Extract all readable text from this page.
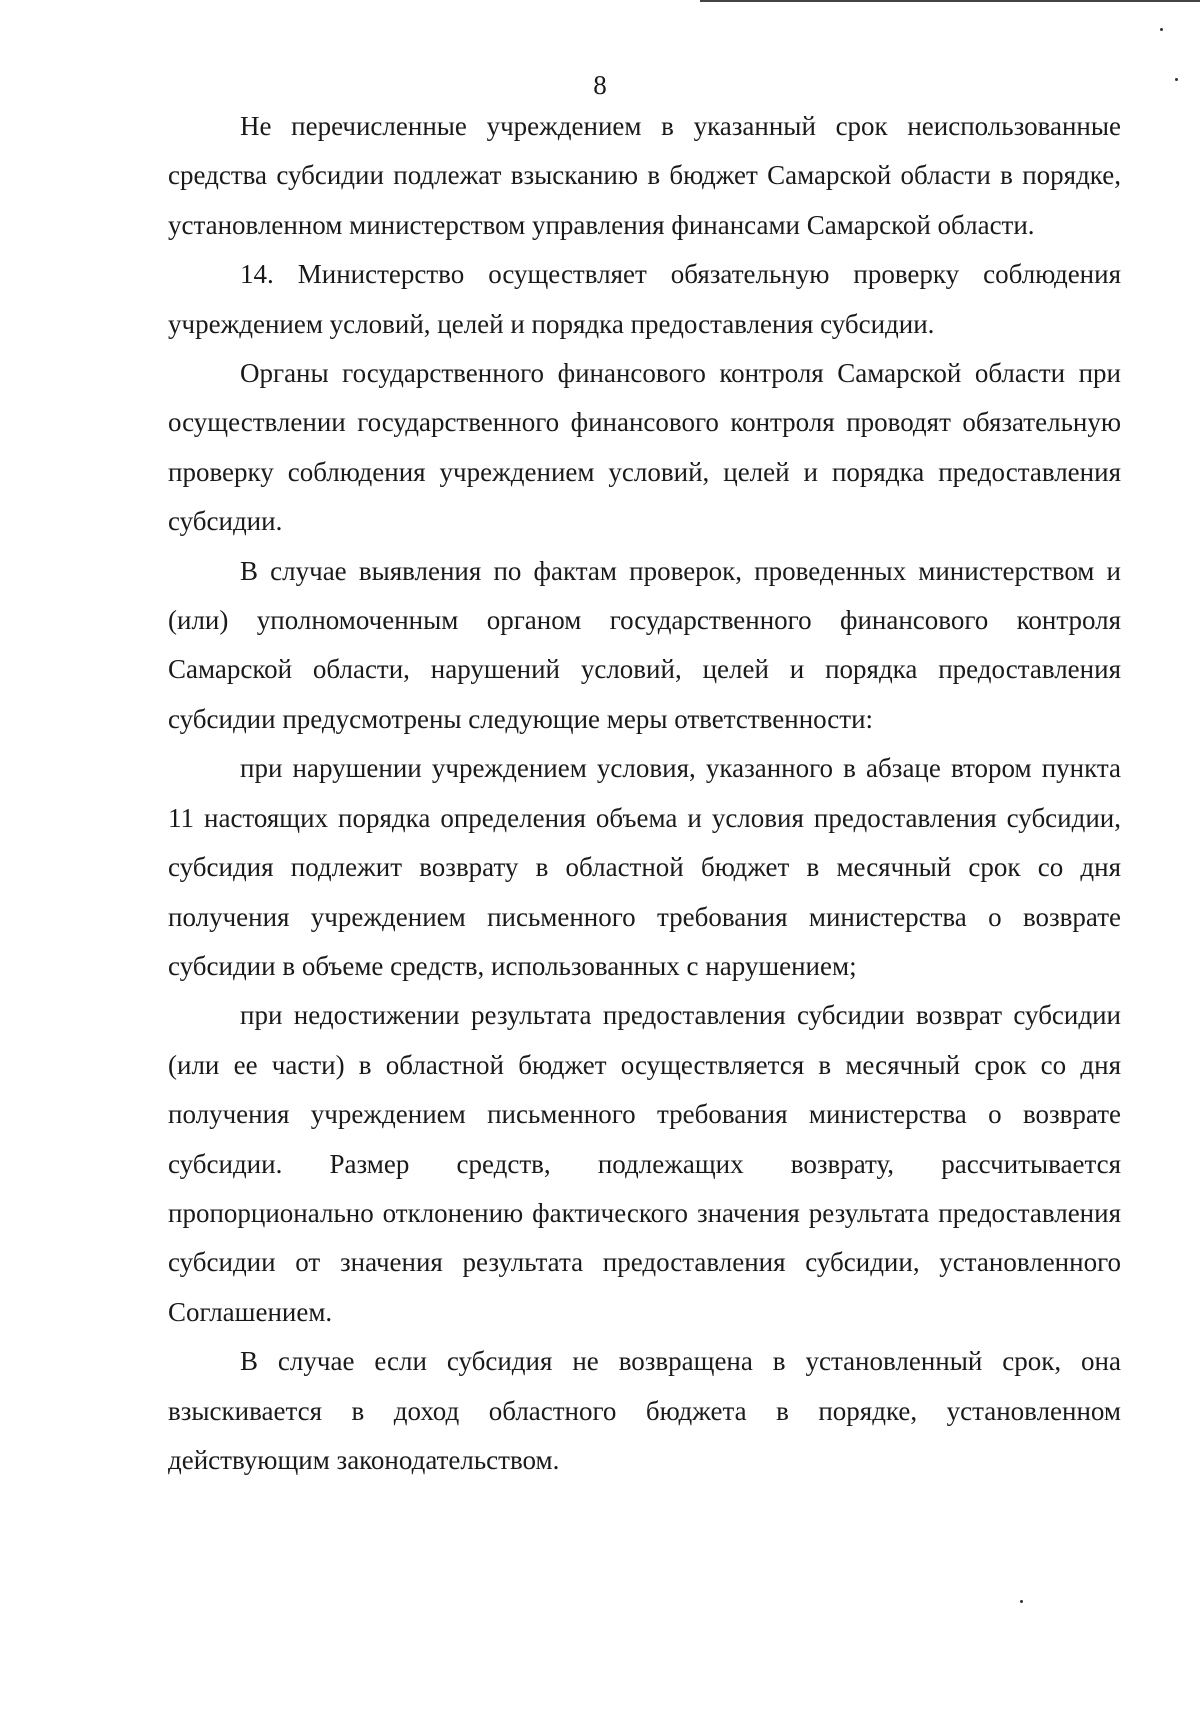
8

Не перечисленные учреждением в указанный срок неиспользованные средства субсидии подлежат взысканию в бюджет Самарской области в порядке, установленном министерством управления финансами Самарской области.

14. Министерство осуществляет обязательную проверку соблюдения учреждением условий, целей и порядка предоставления субсидии.

Органы государственного финансового контроля Самарской области при осуществлении государственного финансового контроля проводят обязательную проверку соблюдения учреждением условий, целей и порядка предоставления субсидии.

В случае выявления по фактам проверок, проведенных министерством и (или) уполномоченным органом государственного финансового контроля Самарской области, нарушений условий, целей и порядка предоставления субсидии предусмотрены следующие меры ответственности:

при нарушении учреждением условия, указанного в абзаце втором пункта 11 настоящих порядка определения объема и условия предоставления субсидии, субсидия подлежит возврату в областной бюджет в месячный срок со дня получения учреждением письменного требования министерства о возврате субсидии в объеме средств, использованных с нарушением;

при недостижении результата предоставления субсидии возврат субсидии (или ее части) в областной бюджет осуществляется в месячный срок со дня получения учреждением письменного требования министерства о возврате субсидии. Размер средств, подлежащих возврату, рассчитывается пропорционально отклонению фактического значения результата предоставления субсидии от значения результата предоставления субсидии, установленного Соглашением.

В случае если субсидия не возвращена в установленный срок, она взыскивается в доход областного бюджета в порядке, установленном действующим законодательством.
